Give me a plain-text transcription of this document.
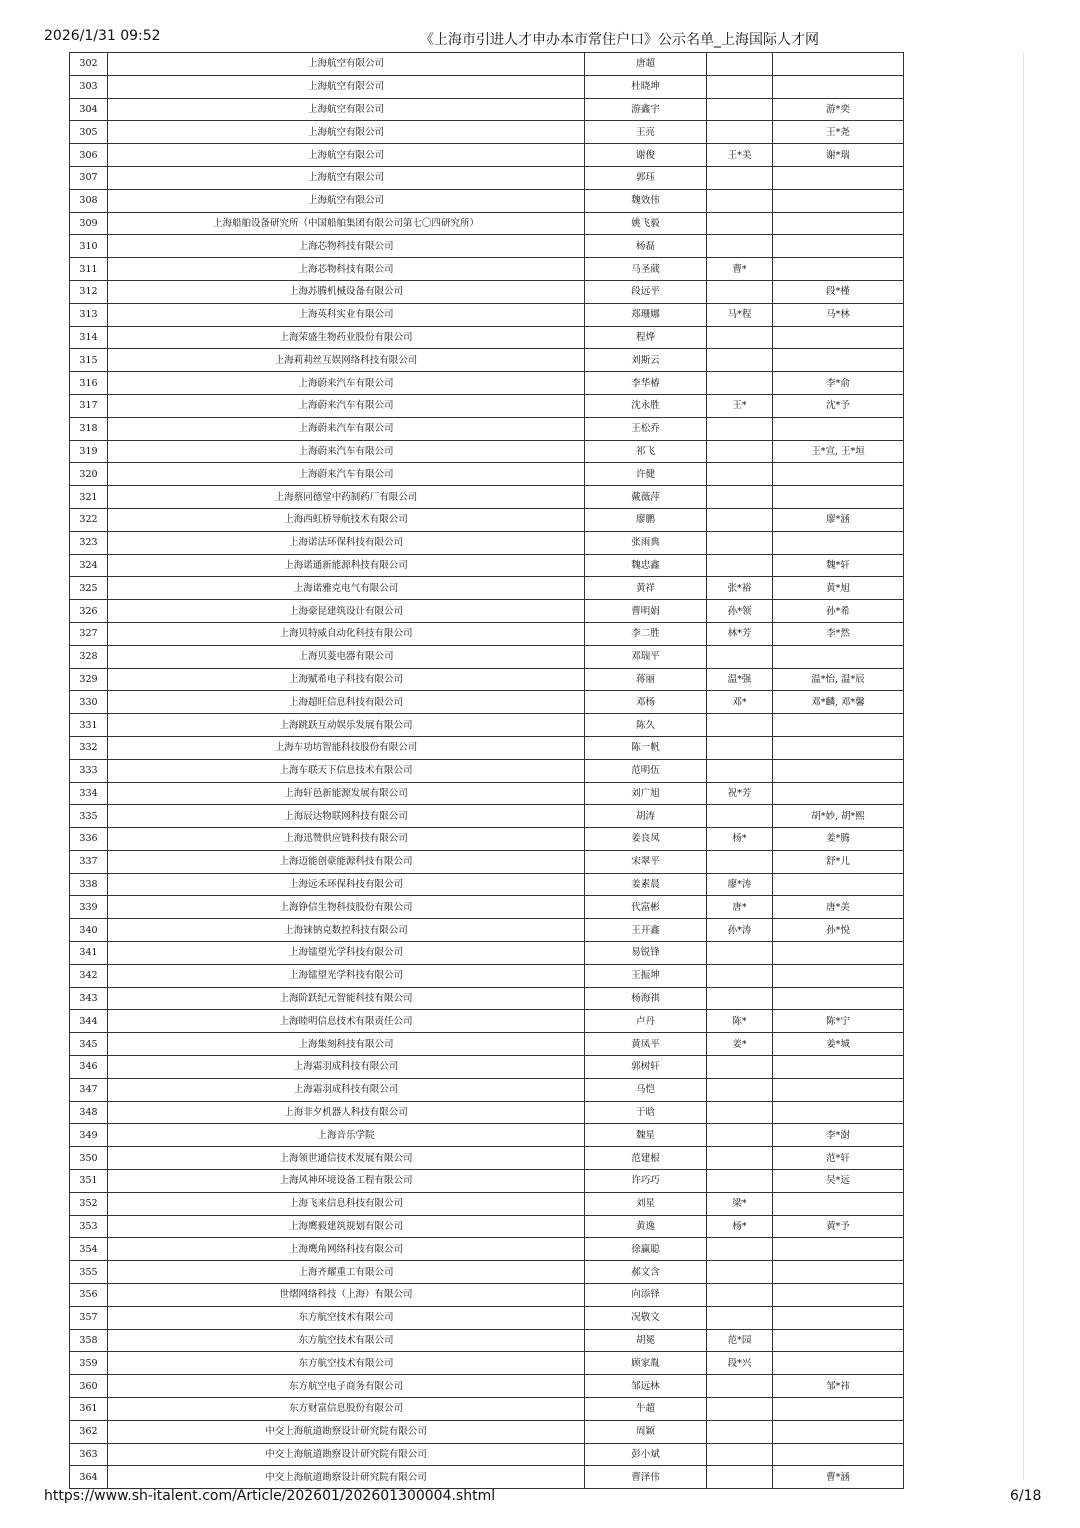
2026/1/31 09:52	《上海市引进人才申办本市常住户口》公示名单_上海国际人才网
302	上海航空有限公司	唐超		
303	上海航空有限公司	杜晓坤		
304	上海航空有限公司	游鑫宇		游*奕
305	上海航空有限公司	王亮		王*尧
306	上海航空有限公司	谢俊	王*美	谢*瑞
307	上海航空有限公司	郭珏		
308	上海航空有限公司	魏效伟		
309	上海船舶设备研究所（中国船舶集团有限公司第七〇四研究所）	姚飞毅		
310	上海芯物科技有限公司	杨磊		
311	上海芯物科技有限公司	马圣葳	曹*	
312	上海苏腾机械设备有限公司	段远平		段*槿
313	上海英科实业有限公司	郑珊娜	马*程	马*林
314	上海荣盛生物药业股份有限公司	程烨		
315	上海莉莉丝互娱网络科技有限公司	刘斯云		
316	上海蔚来汽车有限公司	李华椿		李*俞
317	上海蔚来汽车有限公司	沈永胜	王*	沈*予
318	上海蔚来汽车有限公司	王松乔		
319	上海蔚来汽车有限公司	祁飞		王*宣, 王*垣
320	上海蔚来汽车有限公司	许健		
321	上海蔡同德堂中药制药厂有限公司	戴薇萍		
322	上海西虹桥导航技术有限公司	廖鹏		廖*涵
323	上海诺法环保科技有限公司	张雨典		
324	上海诺通新能源科技有限公司	魏忠鑫		魏*轩
325	上海诺雅克电气有限公司	黄祥	张*裕	黄*旭
326	上海豪昆建筑设计有限公司	曹明娟	孙*领	孙*希
327	上海贝特威自动化科技有限公司	李二胜	林*芳	李*然
328	上海贝菱电器有限公司	邓瑞平		
329	上海赋希电子科技有限公司	蒋丽	温*强	温*怡, 温*辰
330	上海超旺信息科技有限公司	邓杨	邓*	邓*麟, 邓*馨
331	上海跳跃互动娱乐发展有限公司	陈久		
332	上海车功坊智能科技股份有限公司	陈一帆		
333	上海车联天下信息技术有限公司	范明伍		
334	上海轩邑新能源发展有限公司	刘广旭	祝*芳	
335	上海辰达物联网科技有限公司	胡涛		胡*妙, 胡*熙
336	上海迅赞供应链科技有限公司	姜良凤	杨*	姜*腾
337	上海迈能创豪能源科技有限公司	宋翠平		舒*儿
338	上海远禾环保科技有限公司	姜素晨	廖*涛	
339	上海铮信生物科技股份有限公司	代富彬	唐*	唐*美
340	上海铼钠克数控科技有限公司	王开鑫	孙*涛	孙*悦
341	上海镭望光学科技有限公司	易锐锋		
342	上海镭望光学科技有限公司	王振坤		
343	上海阶跃纪元智能科技有限公司	杨海祺		
344	上海睦明信息技术有限责任公司	卢丹	陈*	陈*宁
345	上海集刻科技有限公司	黄凤平	姜*	姜*城
346	上海霜羽成科技有限公司	郭树轩		
347	上海霜羽成科技有限公司	马恺		
348	上海非夕机器人科技有限公司	于晗		
349	上海音乐学院	魏星		李*澍
350	上海领世通信技术发展有限公司	范建根		范*轩
351	上海风神环境设备工程有限公司	许巧巧		吴*远
352	上海飞来信息科技有限公司	刘星	梁*	
353	上海鹰毅建筑规划有限公司	黄逸	杨*	黄*予
354	上海鹰角网络科技有限公司	徐赢聪		
355	上海齐耀重工有限公司	郝文含		
356	世熠网络科技（上海）有限公司	向添铎		
357	东方航空技术有限公司	况敬文		
358	东方航空技术有限公司	胡冕	范*园	
359	东方航空技术有限公司	顾家胤	段*兴	
360	东方航空电子商务有限公司	邹远林		邹*祎
361	东方财富信息股份有限公司	牛超		
362	中交上海航道勘察设计研究院有限公司	周颖		
363	中交上海航道勘察设计研究院有限公司	彭小斌		
364	中交上海航道勘察设计研究院有限公司	曹泽伟		曹*涵
https://www.sh-italent.com/Article/202601/202601300004.shtml	6/18
